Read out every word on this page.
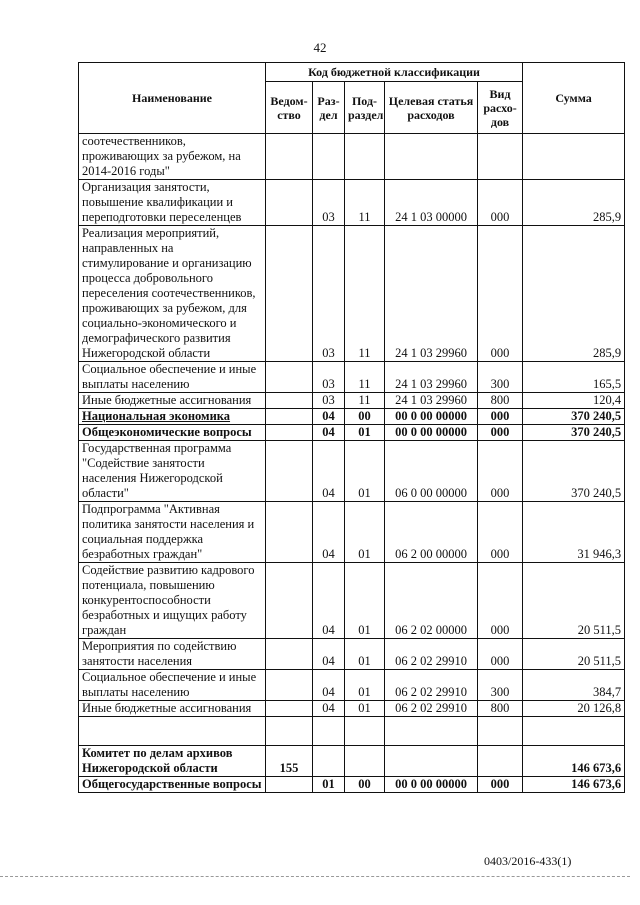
42
Наименование	Код бюджетной классификации					Сумма
	Ведом-ство	Раз-дел	Под-раздел	Целевая статья расходов	Вид расхо-дов	
соотечественников, проживающих за рубежом, на 2014-2016 годы"						
Организация занятости, повышение квалификации и переподготовки переселенцев		03	11	24 1 03 00000	000	285,9
Реализация мероприятий, направленных на стимулирование и организацию процесса добровольного переселения соотечественников, проживающих за рубежом, для социально-экономического и демографического развития Нижегородской области		03	11	24 1 03 29960	000	285,9
Социальное обеспечение и иные выплаты населению		03	11	24 1 03 29960	300	165,5
Иные бюджетные ассигнования		03	11	24 1 03 29960	800	120,4
Национальная экономика		04	00	00 0 00 00000	000	370 240,5
Общеэкономические вопросы		04	01	00 0 00 00000	000	370 240,5
Государственная программа "Содействие занятости населения Нижегородской области"		04	01	06 0 00 00000	000	370 240,5
Подпрограмма "Активная политика занятости населения и социальная поддержка безработных граждан"		04	01	06 2 00 00000	000	31 946,3
Содействие развитию кадрового потенциала, повышению конкурентоспособности безработных и ищущих работу граждан		04	01	06 2 02 00000	000	20 511,5
Мероприятия по содействию занятости населения		04	01	06 2 02 29910	000	20 511,5
Социальное обеспечение и иные выплаты населению		04	01	06 2 02 29910	300	384,7
Иные бюджетные ассигнования		04	01	06 2 02 29910	800	20 126,8

Комитет по делам архивов Нижегородской области	155					146 673,6
Общегосударственные вопросы		01	00	00 0 00 00000	000	146 673,6
0403/2016-433(1)
